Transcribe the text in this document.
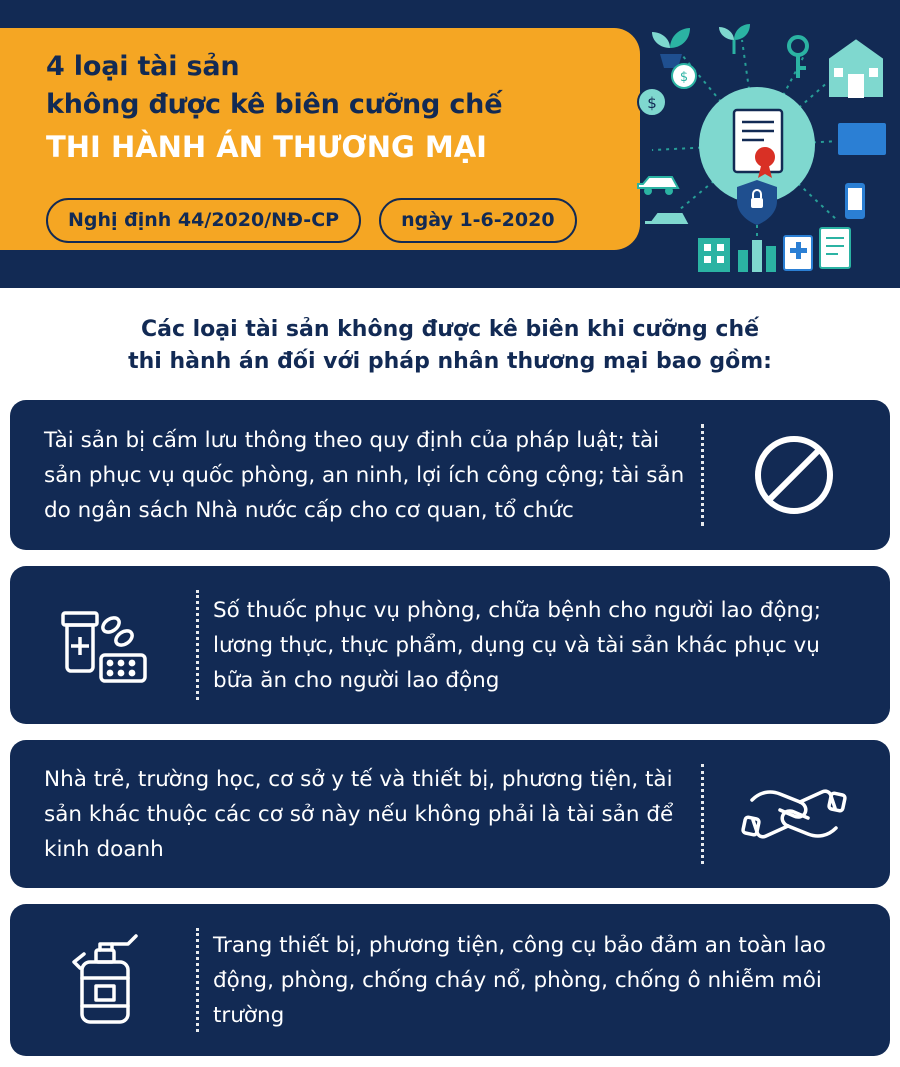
4 loại tài sản
không được kê biên cưỡng chế
THI HÀNH ÁN THƯƠNG MẠI
Nghị định 44/2020/NĐ-CP	ngày 1-6-2020
$
$
Các loại tài sản không được kê biên khi cưỡng chế
thi hành án đối với pháp nhân thương mại bao gồm:
Tài sản bị cấm lưu thông theo quy định của pháp luật; tài sản phục vụ quốc phòng, an ninh, lợi ích công cộng; tài sản do ngân sách Nhà nước cấp cho cơ quan, tổ chức
Số thuốc phục vụ phòng, chữa bệnh cho người lao động; lương thực, thực phẩm, dụng cụ và tài sản khác phục vụ bữa ăn cho người lao động
Nhà trẻ, trường học, cơ sở y tế và thiết bị, phương tiện, tài sản khác thuộc các cơ sở này nếu không phải là tài sản để kinh doanh
Trang thiết bị, phương tiện, công cụ bảo đảm an toàn lao động, phòng, chống cháy nổ, phòng, chống ô nhiễm môi trường
